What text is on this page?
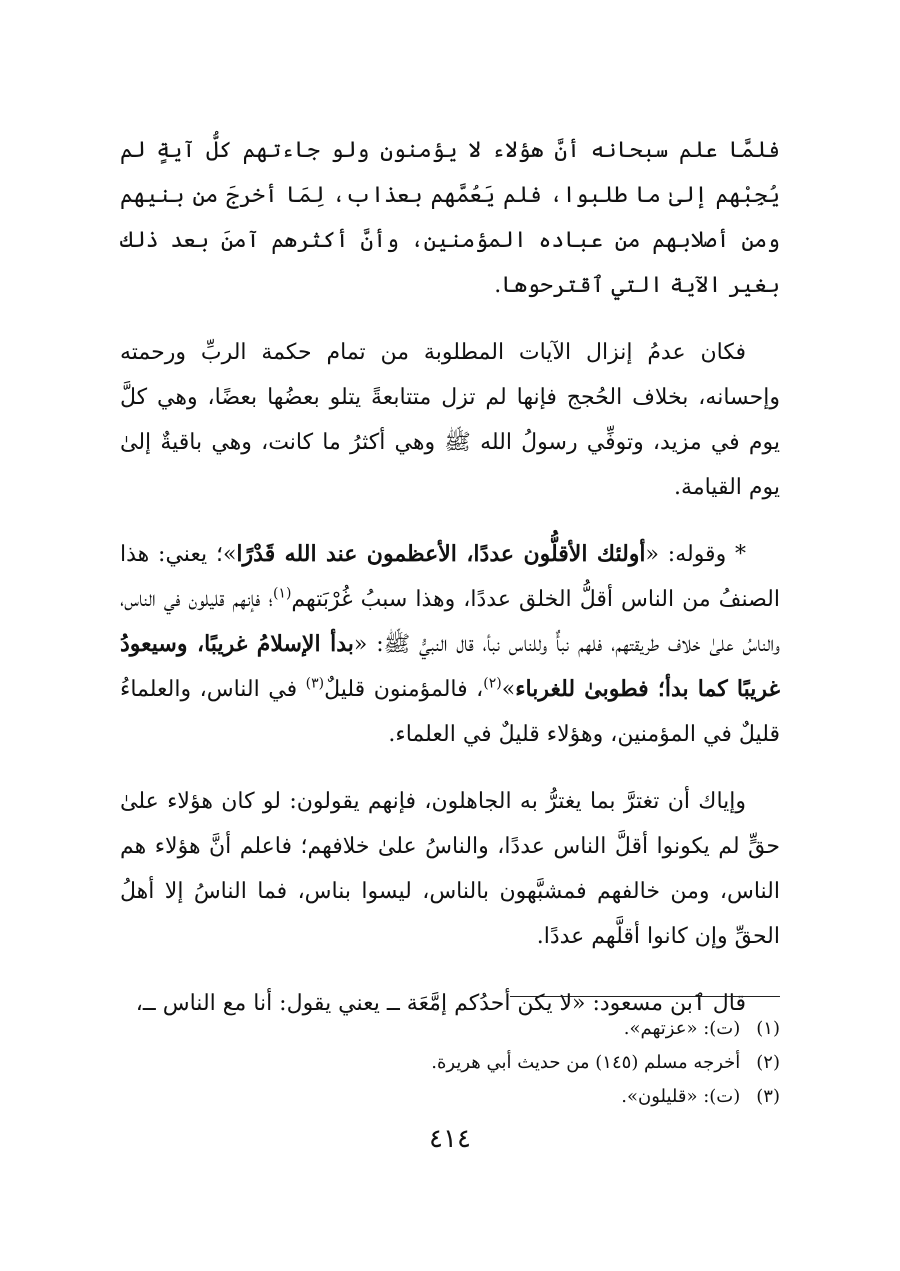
فلمَّا علم سبحانه أنَّ هؤلاء لا يؤمنون ولو جاءتهم كلُّ آيةٍ لم يُجِبْهم إلىٰ ما طلبوا، فلم يَعُمَّهم بعذاب، لِمَا أخرجَ من بنيهم ومن أصلابهم من عباده المؤمنين، وأنَّ أكثرهم آمنَ بعد ذلك بغير الآية التي ٱقترحوها.

فكان عدمُ إنزال الآيات المطلوبة من تمام حكمة الربِّ ورحمته وإحسانه، بخلاف الحُجج فإنها لم تزل متتابعةً يتلو بعضُها بعضًا، وهي كلَّ يوم في مزيد، وتوفِّي رسولُ الله ﷺ وهي أكثرُ ما كانت، وهي باقيةٌ إلىٰ يوم القيامة.

* وقوله: «أولئك الأقلُّون عددًا، الأعظمون عند الله قَدْرًا»؛ يعني: هذا الصنفُ من الناس أقلُّ الخلق عددًا، وهذا سببُ غُرْبَتهم$^{(١)}$؛ فإنهم قليلون في الناس، والناسُ علىٰ خلاف طريقتهم، فلهم نبأٌ وللناس نبأ، قال النبيُّ ﷺ: «بدأ الإسلامُ غريبًا، وسيعودُ غريبًا كما بدأ؛ فطوبىٰ للغرباء»$^{(٢)}$، فالمؤمنون قليلٌ$^{(٣)}$ في الناس، والعلماءُ قليلٌ في المؤمنين، وهؤلاء قليلٌ في العلماء.

وإياك أن تغترَّ بما يغترُّ به الجاهلون، فإنهم يقولون: لو كان هؤلاء علىٰ حقٍّ لم يكونوا أقلَّ الناس عددًا، والناسُ علىٰ خلافهم؛ فاعلم أنَّ هؤلاء هم الناس، ومن خالفهم فمشبَّهون بالناس، ليسوا بناس، فما الناسُ إلا أهلُ الحقِّ وإن كانوا أقلَّهم عددًا.

قال ٱبن مسعود: «لا يكن أحدُكم إمَّعَة ــ يعني يقول: أنا مع الناس ــ،

(١) (ت): «عزتهم».
(٢) أخرجه مسلم (١٤٥) من حديث أبي هريرة.
(٣) (ت): «قليلون».
٤١٤
